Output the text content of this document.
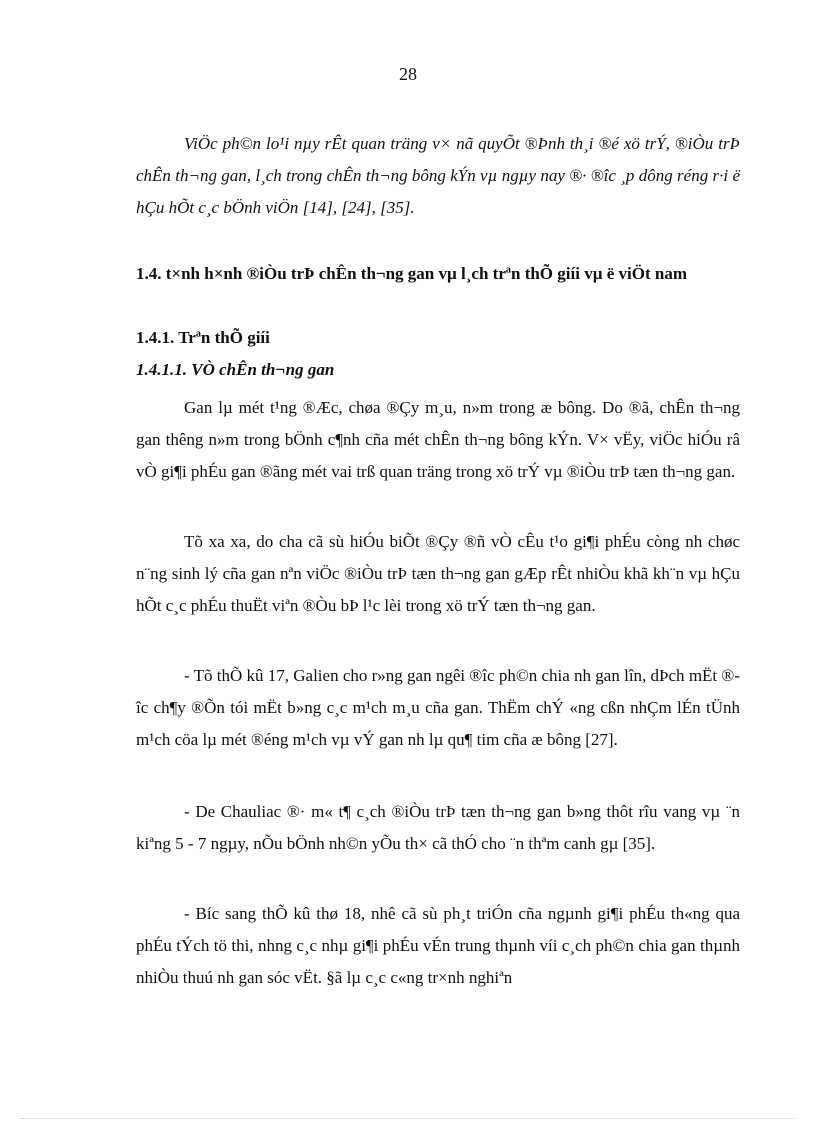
28

ViÖc ph©n lo¹i nµy rÊt quan träng v× nã quyÕt ®Þnh th¸i ®é xö trÝ, ®iÒu trÞ chÊn th¬ng gan, l¸ch trong chÊn th¬ng bông kÝn vµ ngµy nay ®· ®îc ¸p dông réng r·i ë hÇu hÕt c¸c bÖnh viÖn [14], [24], [35].

1.4. t×nh h×nh ®iÒu trÞ chÊn th¬ng gan vµ l¸ch trªn thÕ giíi vµ ë viÖt nam

1.4.1. Trªn thÕ giíi

1.4.1.1. VÒ chÊn th¬ng gan

Gan lµ mét t¹ng ®Æc, chøa ®Çy m¸u, n»m trong æ bông. Do ®ã, chÊn th¬ng gan thêng n»m trong bÖnh c¶nh cña mét chÊn th¬ng bông kÝn. V× vËy, viÖc hiÓu râ vÒ gi¶i phÉu gan ®ãng mét vai trß quan träng trong xö trÝ vµ ®iÒu trÞ tæn th¬ng gan.

Tõ xa xa, do cha cã sù hiÓu biÕt ®Çy ®ñ vÒ cÊu t¹o gi¶i phÉu còng nh chøc n¨ng sinh lý cña gan nªn viÖc ®iÒu trÞ tæn th¬ng gan gÆp rÊt nhiÒu khã kh¨n vµ hÇu hÕt c¸c phÉu thuËt viªn ®Òu bÞ l¹c lèi trong xö trÝ tæn th¬ng gan.

- Tõ thÕ kû 17, Galien cho r»ng gan ngêi ®îc ph©n chia nh gan lîn, dÞch mËt ®îc ch¶y ®Õn tói mËt b»ng c¸c m¹ch m¸u cña gan. ThËm chÝ «ng cßn nhÇm lÉn tÜnh m¹ch cöa lµ mét ®éng m¹ch vµ vÝ gan nh lµ qu¶ tim cña æ bông [27].

- De Chauliac ®· m« t¶ c¸ch ®iÒu trÞ tæn th¬ng gan b»ng thôt rîu vang vµ ¨n kiªng 5 - 7 ngµy, nÕu bÖnh nh©n yÕu th× cã thÓ cho ¨n thªm canh gµ [35].

- Bíc sang thÕ kû thø 18, nhê cã sù ph¸t triÓn cña ngµnh gi¶i phÉu th«ng qua phÉu tÝch tö thi, nhng c¸c nhµ gi¶i phÉu vÉn trung thµnh víi c¸ch ph©n chia gan thµnh nhiÒu thuú nh gan sóc vËt. §ã lµ c¸c c«ng tr×nh nghiªn
